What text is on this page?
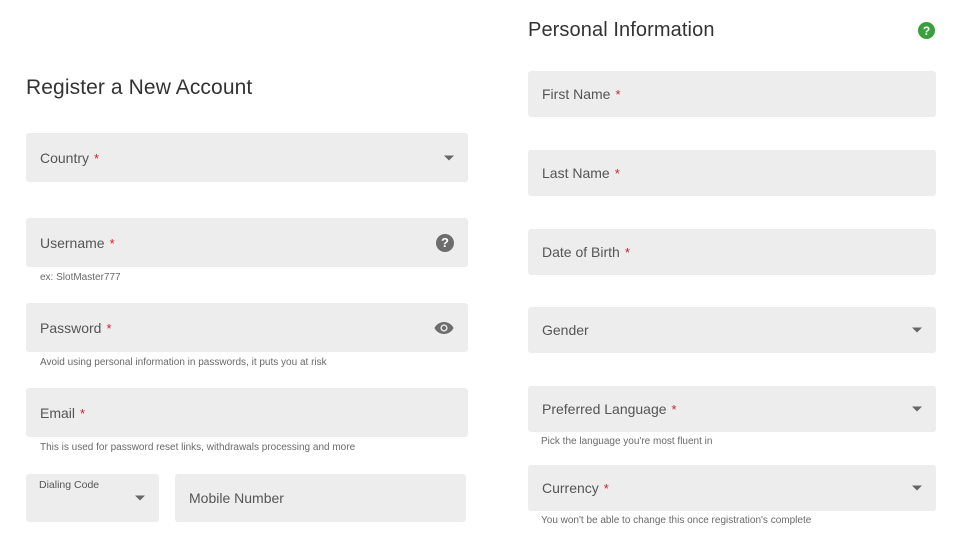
Register a New Account
Country *
Username *	?
ex: SlotMaster777
Password *
Avoid using personal information in passwords, it puts you at risk
Email *
This is used for password reset links, withdrawals processing and more
Dialing Code
Mobile Number
Personal Information	?
First Name *
Last Name *
Date of Birth *
Gender
Preferred Language *
Pick the language you're most fluent in
Currency *
You won't be able to change this once registration's complete
